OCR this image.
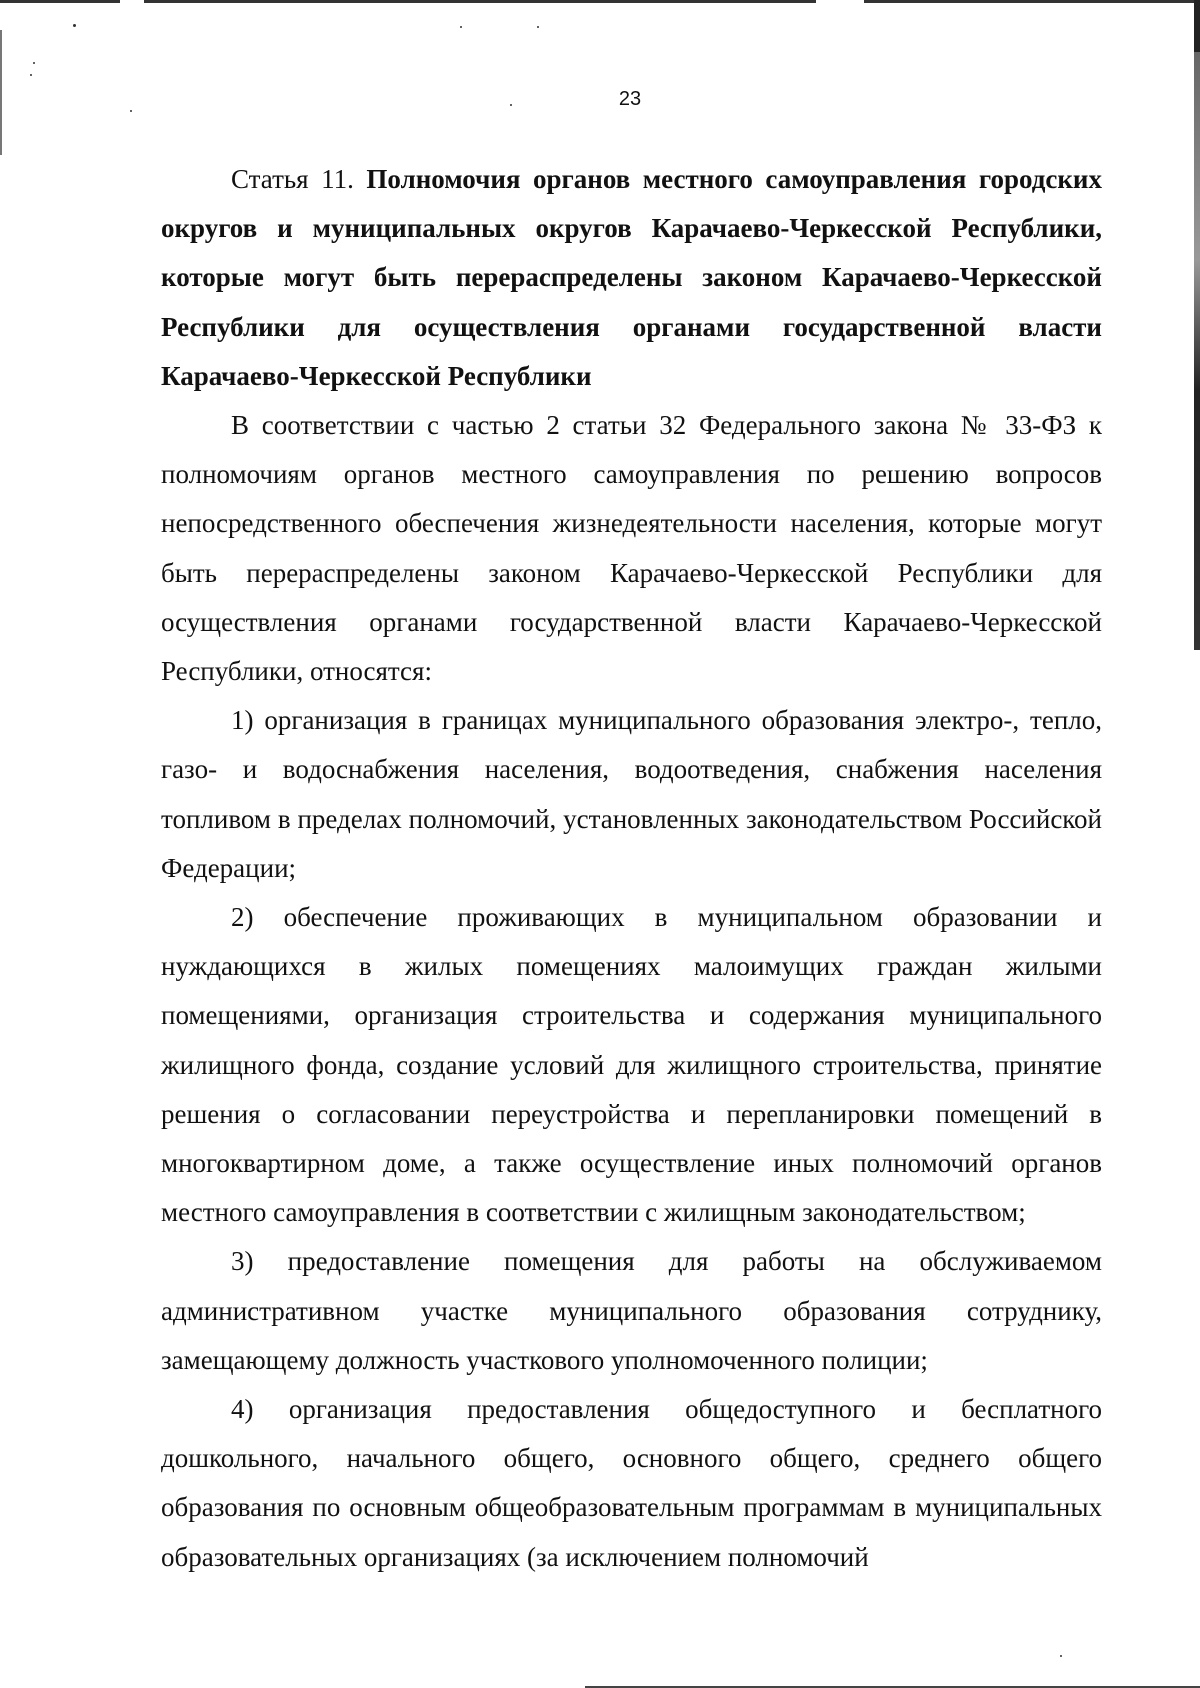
23

Статья 11. Полномочия органов местного самоуправления городских округов и муниципальных округов Карачаево-Черкесской Республики, которые могут быть перераспределены законом Карачаево-Черкесской Республики для осуществления органами государственной власти Карачаево-Черкесской Республики

В соответствии с частью 2 статьи 32 Федерального закона № 33-ФЗ к полномочиям органов местного самоуправления по решению вопросов непосредственного обеспечения жизнедеятельности населения, которые могут быть перераспределены законом Карачаево-Черкесской Республики для осуществления органами государственной власти Карачаево-Черкесской Республики, относятся:

1) организация в границах муниципального образования электро-, тепло, газо- и водоснабжения населения, водоотведения, снабжения населения топливом в пределах полномочий, установленных законодательством Российской Федерации;

2) обеспечение проживающих в муниципальном образовании и нуждающихся в жилых помещениях малоимущих граждан жилыми помещениями, организация строительства и содержания муниципального жилищного фонда, создание условий для жилищного строительства, принятие решения о согласовании переустройства и перепланировки помещений в многоквартирном доме, а также осуществление иных полномочий органов местного самоуправления в соответствии с жилищным законодательством;

3) предоставление помещения для работы на обслуживаемом административном участке муниципального образования сотруднику, замещающему должность участкового уполномоченного полиции;

4) организация предоставления общедоступного и бесплатного дошкольного, начального общего, основного общего, среднего общего образования по основным общеобразовательным программам в муниципальных образовательных организациях (за исключением полномочий
